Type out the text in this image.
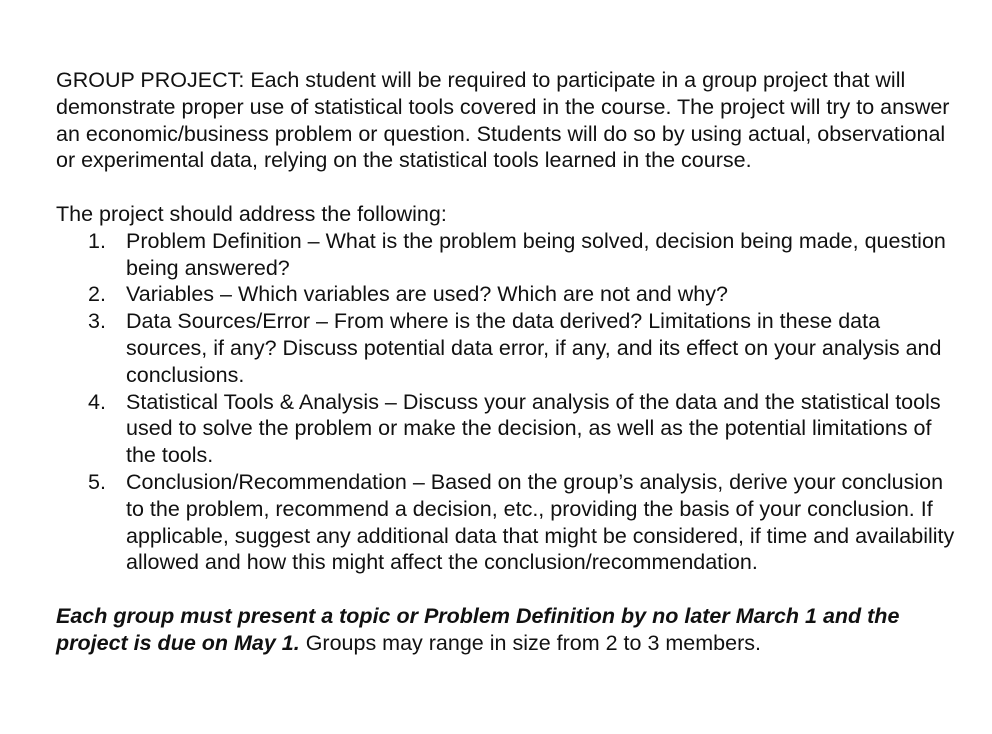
GROUP PROJECT: Each student will be required to participate in a group project that will demonstrate proper use of statistical tools covered in the course. The project will try to answer an economic/business problem or question. Students will do so by using actual, observational or experimental data, relying on the statistical tools learned in the course.

The project should address the following:

1. Problem Definition – What is the problem being solved, decision being made, question being answered?
2. Variables – Which variables are used? Which are not and why?
3. Data Sources/Error – From where is the data derived? Limitations in these data sources, if any? Discuss potential data error, if any, and its effect on your analysis and conclusions.
4. Statistical Tools & Analysis – Discuss your analysis of the data and the statistical tools used to solve the problem or make the decision, as well as the potential limitations of the tools.
5. Conclusion/Recommendation – Based on the group’s analysis, derive your conclusion to the problem, recommend a decision, etc., providing the basis of your conclusion. If applicable, suggest any additional data that might be considered, if time and availability allowed and how this might affect the conclusion/recommendation.

Each group must present a topic or Problem Definition by no later March 1 and the project is due on May 1. Groups may range in size from 2 to 3 members.
